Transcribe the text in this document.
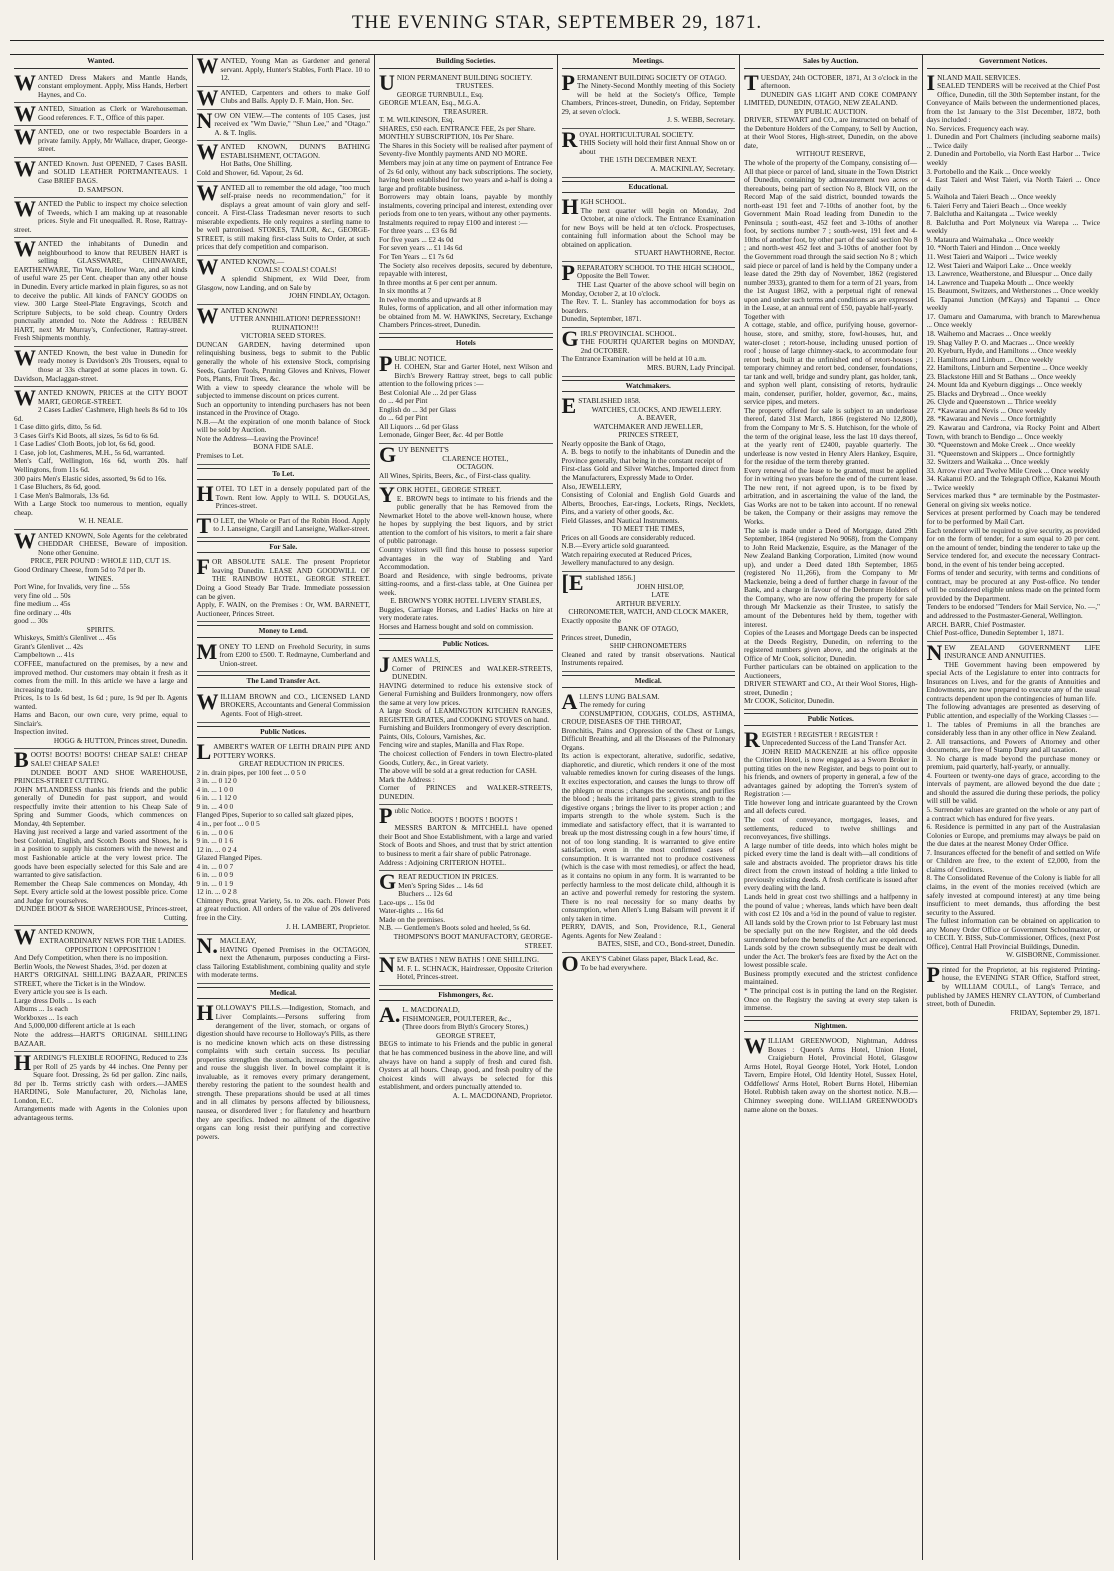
THE EVENING STAR, SEPTEMBER 29, 1871.
Wanted.

WANTED Dress Makers and Mantle Hands, constant employment. Apply, Miss Hands, Herbert Haynes, and Co.

WANTED, Situation as Clerk or Warehouseman. Good references. F. T., Office of this paper.

WANTED, one or two respectable Boarders in a private family. Apply, Mr Wallace, draper, George-street.

WANTED Known. Just OPENED, 7 Cases BASIL and SOLID LEATHER PORTMANTEAUS. 1 Case BRIEF BAGS.

D. SAMPSON.

WANTED the Public to inspect my choice selection of Tweeds, which I am making up at reasonable prices. Style and Fit unequalled. R. Rose, Rattray-street.

WANTED the inhabitants of Dunedin and neighbourhood to know that REUBEN HART is selling GLASSWARE, CHINAWARE, EARTHENWARE, Tin Ware, Hollow Ware, and all kinds of useful ware 25 per Cent. cheaper than any other house in Dunedin. Every article marked in plain figures, so as not to deceive the public. All kinds of FANCY GOODS on view. 300 Large Steel-Plate Engravings, Scotch and Scripture Subjects, to be sold cheap. Country Orders punctually attended to. Note the Address : REUBEN HART, next Mr Murray's, Confectioner, Rattray-street. Fresh Shipments monthly.

WANTED Known, the best value in Dunedin for ready money is Davidson's 20s Trousers, equal to those at 33s charged at some places in town. G. Davidson, Maclaggan-street.

WANTED KNOWN, PRICES at the CITY BOOT MART, GEORGE-STREET.

2 Cases Ladies' Cashmere, High heels 8s 6d to 10s 6d.

1 Case ditto girls, ditto, 5s 6d.

3 Cases Girl's Kid Boots, all sizes, 5s 6d to 6s 6d.

1 Case Ladies' Cloth Boots, job lot, 6s 6d, good.

1 Case, job lot, Cashmeres, M.H., 5s 6d, warranted.

Men's Calf, Wellington, 16s 6d, worth 20s. half Wellingtons, from 11s 6d.

300 pairs Men's Elastic sides, assorted, 9s 6d to 16s.

1 Case Bluchers, 8s 6d, good.

1 Case Men's Balmorals, 13s 6d.

With a Large Stock too numerous to mention, equally cheap.

W. H. NEALE.

WANTED KNOWN, Sole Agents for the celebrated CHEDDAR CHEESE, Beware of imposition. None other Genuine.

PRICE, PER POUND : WHOLE 11D, CUT 1S.

Good Ordinary Cheese, from 5d to 7d per lb.

WINES.

Port Wine, for Invalids, very fine ... 55s

very fine old ... 50s

fine medium ... 45s

fine ordinary ... 40s

good ... 30s

SPIRITS.

Whiskeys, Smith's Glenlivet ... 45s

Grant's Glenlivet ... 42s

Campbeltown ... 41s

COFFEE, manufactured on the premises, by a new and improved method. Our customers may obtain it fresh as it comes from the mill. In this article we have a large and increasing trade.

Prices, 1s to 1s 6d best, 1s 6d ; pure, 1s 9d per lb. Agents wanted.

Hams and Bacon, our own cure, very prime, equal to Sinclair's.

Inspection invited.

HOGG & HUTTON, Princes street, Dunedin.

BOOTS! BOOTS! BOOTS! CHEAP SALE! CHEAP SALE! CHEAP SALE!

DUNDEE BOOT AND SHOE WAREHOUSE, PRINCES-STREET CUTTING.

JOHN M'LANDRESS thanks his friends and the public generally of Dunedin for past support, and would respectfully invite their attention to his Cheap Sale of Spring and Summer Goods, which commences on Monday, 4th September.

Having just received a large and varied assortment of the best Colonial, English, and Scotch Boots and Shoes, he is in a position to supply his customers with the newest and most Fashionable article at the very lowest price. The goods have been especially selected for this Sale and are warranted to give satisfaction.

Remember the Cheap Sale commences on Monday, 4th Sept. Every article sold at the lowest possible price. Come and Judge for yourselves.

DUNDEE BOOT & SHOE WAREHOUSE, Princes-street, Cutting.

WANTED KNOWN,

EXTRAORDINARY NEWS FOR THE LADIES.

OPPOSITION ! OPPOSITION !

And Defy Competition, when there is no imposition.

Berlin Wools, the Newest Shades, 3½d. per dozen at

HART'S ORIGINAL SHILLING BAZAAR, PRINCES STREET, where the Ticket is in the Window.

Every article you see is 1s each.

Large dress Dolls ... 1s each

Albums ... 1s each

Workboxes ... 1s each

And 5,000,000 different article at 1s each

Note the address—HART'S ORIGINAL SHILLING BAZAAR.

HARDING'S FLEXIBLE ROOFING, Reduced to 23s per Roll of 25 yards by 44 inches. One Penny per Square foot. Dressing, 2s 6d per gallon. Zinc nails, 8d per lb. Terms strictly cash with orders.—JAMES HARDING, Sole Manufacturer, 20, Nicholas lane, London, E.C.

Arrangements made with Agents in the Colonies upon advantageous terms.

WANTED, Young Man as Gardener and general servant. Apply, Hunter's Stables, Forth Place. 10 to 12.

WANTED, Carpenters and others to make Golf Clubs and Balls. Apply D. F. Main, Hon. Sec.

NOW ON VIEW.—The contents of 105 Cases, just received ex "Wm Davie," "Shun Lee," and "Otago." A. & T. Inglis.

WANTED KNOWN, DUNN'S BATHING ESTABLISHMENT, OCTAGON.

Hot Baths, One Shilling.

Cold and Shower, 6d. Vapour, 2s 6d.

WANTED all to remember the old adage, "too much self-praise needs no recommendation," for it displays a great amount of vain glory and self-conceit. A First-Class Tradesman never resorts to such miserable expedients. He only requires a sterling name to be well patronised. STOKES, TAILOR, &c., GEORGE-STREET, is still making first-class Suits to Order, at such prices that defy competition and comparison.

WANTED KNOWN.—

COALS! COALS! COALS!

A splendid Shipment, ex Wild Deer, from Glasgow, now Landing, and on Sale by

JOHN FINDLAY, Octagon.

WANTED KNOWN!

UTTER ANNIHILATION! DEPRESSION!! RUINATION!!!

VICTORIA SEED STORES.

DUNCAN GARDEN, having determined upon relinquishing business, begs to submit to the Public generally the whole of his extensive Stock, comprising Seeds, Garden Tools, Pruning Gloves and Knives, Flower Pots, Plants, Fruit Trees, &c.

With a view to speedy clearance the whole will be subjected to immense discount on prices current.

Such an opportunity to intending purchasers has not been instanced in the Province of Otago.

N.B.—At the expiration of one month balance of Stock will be sold by Auction.

Note the Address—Leaving the Province!

BONA FIDE SALE.

Premises to Let.

To Let.

HOTEL TO LET in a densely populated part of the Town. Rent low. Apply to WILL S. DOUGLAS, Princes-street.

TO LET, the Whole or Part of the Robin Hood. Apply to J. Lanseigne, Cargill and Lanseigne, Walker-street.

For Sale.

FOR ABSOLUTE SALE. The present Proprietor leaving Dunedin. LEASE AND GOODWILL OF THE RAINBOW HOTEL, GEORGE STREET. Doing a Good Steady Bar Trade. Immediate possession can be given.

Apply, F. WAIN, on the Premises : Or, WM. BARNETT, Auctioneer, Princes Street.

Money to Lend.

MONEY TO LEND on Freehold Security, in sums from £200 to £500. T. Redmayne, Cumberland and Union-street.

The Land Transfer Act.

WILLIAM BROWN and CO., LICENSED LAND BROKERS, Accountants and General Commission Agents. Foot of High-street.

Public Notices.

LAMBERT'S WATER OF LEITH DRAIN PIPE AND POTTERY WORKS.

GREAT REDUCTION IN PRICES.

2 in. drain pipes, per 100 feet ... 0 5 0

3 in. ... 0 12 0

4 in. ... 1 0 0

6 in. ... 1 12 0

9 in. ... 4 0 0

Flanged Pipes, Superior to so called salt glazed pipes,

4 in., per foot ... 0 0 5

6 in. ... 0 0 6

9 in. ... 0 1 6

12 in. ... 0 2 4

Glazed Flanged Pipes.

4 in. ... 0 0 7

6 in. ... 0 0 9

9 in. ... 0 1 9

12 in. ... 0 2 8

Chimney Pots, great Variety, 5s. to 20s. each. Flower Pots at great reduction. All orders of the value of 20s delivered free in the City.

J. H. LAMBERT, Proprietor.

N.MACLEAY,

HAVING Opened Premises in the OCTAGON, next the Athenæum, purposes conducting a First-class Tailoring Establishment, combining quality and style with moderate terms.

Medical.

HOLLOWAY'S PILLS.—Indigestion, Stomach, and Liver Complaints.—Persons suffering from derangement of the liver, stomach, or organs of digestion should have recourse to Holloway's Pills, as there is no medicine known which acts on these distressing complaints with such certain success. Its peculiar properties strengthen the stomach, increase the appetite, and rouse the sluggish liver. In bowel complaint it is invaluable, as it removes every primary derangement, thereby restoring the patient to the soundest health and strength. These preparations should be used at all times and in all climates by persons affected by biliousness, nausea, or disordered liver ; for flatulency and heartburn they are specifics. Indeed no ailment of the digestive organs can long resist their purifying and corrective powers.

Building Societies.

UNION PERMANENT BUILDING SOCIETY.

TRUSTEES.

GEORGE TURNBULL, Esq.

GEORGE M'LEAN, Esq., M.G.A.

TREASURER.

T. M. WILKINSON, Esq.

SHARES, £50 each. ENTRANCE FEE, 2s per Share.

MONTHLY SUBSCRIPTION, 10s Per Share.

The Shares in this Society will be realised after payment of Seventy-five Monthly payments AND NO MORE.

Members may join at any time on payment of Entrance Fee of 2s 6d only, without any back subscriptions. The society, having been established for two years and a-half is doing a large and profitable business.

Borrowers may obtain loans, payable by monthly instalments, covering principal and interest, extending over periods from one to ten years, without any other payments.

Instalments required to repay £100 and interest :—

For three years ... £3 6s 8d

For five years ... £2 4s 0d

For seven years ... £1 14s 6d

For Ten Years ... £1 7s 6d

The Society also receives deposits, secured by debenture, repayable with interest,

In three months at 6 per cent per annum.

In six months at 7

In twelve months and upwards at 8

Rules, forms of application, and all other information may be obtained from M. W. HAWKINS, Secretary, Exchange Chambers Princes-street, Dunedin.

Hotels

PUBLIC NOTICE.

H. COHEN, Star and Garter Hotel, next Wilson and Birch's Brewery Rattray street, begs to call public attention to the following prices :—

Best Colonial Ale ... 2d per Glass

do ... 4d per Pint

English do ... 3d per Glass

do ... 6d per Pint

All Liquors ... 6d per Glass

Lemonade, Ginger Beer, &c. 4d per Bottle

GUY BENNETT'S

CLARENCE HOTEL,

OCTAGON.

All Wines, Spirits, Beers, &c., of First-class quality.

YORK HOTEL, GEORGE STREET.

E. BROWN begs to intimate to his friends and the public generally that he has Removed from the Newmarket Hotel to the above well-known house, where he hopes by supplying the best liquors, and by strict attention to the comfort of his visitors, to merit a fair share of public patronage.

Country visitors will find this house to possess superior advantages in the way of Stabling and Yard Accommodation.

Board and Residence, with single bedrooms, private sitting-rooms, and a first-class table, at One Guinea per week.

E. BROWN'S YORK HOTEL LIVERY STABLES,

Buggies, Carriage Horses, and Ladies' Hacks on hire at very moderate rates.

Horses and Harness bought and sold on commission.

Public Notices.

JAMES WALLS,

Corner of PRINCES and WALKER-STREETS, DUNEDIN.

HAVING determined to reduce his extensive stock of General Furnishing and Builders Ironmongery, now offers the same at very low prices.

A large Stock of LEAMINGTON KITCHEN RANGES, REGISTER GRATES, and COOKING STOVES on hand.

Furnishing and Builders Ironmongery of every description.

Paints, Oils, Colours, Varnishes, &c.

Fencing wire and staples, Manilla and Flax Rope.

The choicest collection of Fenders in town Electro-plated Goods, Cutlery, &c., in Great variety.

The above will be sold at a great reduction for CASH.

Mark the Address :

Corner of PRINCES and WALKER-STREETS, DUNEDIN.

Public Notice.

BOOTS ! BOOTS ! BOOTS !

MESSRS BARTON & MITCHELL have opened their Boot and Shoe Establishment, with a large and varied Stock of Boots and Shoes, and trust that by strict attention to business to merit a fair share of public Patronage.

Address : Adjoining CRITERION HOTEL.

GREAT REDUCTION IN PRICES.

Men's Spring Sides ... 14s 6d

Bluchers ... 12s 6d

Lace-ups ... 15s 0d

Water-tights ... 16s 6d

Made on the premises.

N.B. — Gentlemen's Boots soled and heeled, 5s 6d.

THOMPSON'S BOOT MANUFACTORY, GEORGE-STREET.

NEW BATHS ! NEW BATHS ! ONE SHILLING.

M. F. L. SCHNACK, Hairdresser, Opposite Criterion Hotel, Princes-street.

Fishmongers, &c.

A.L. MACDONALD,

FISHMONGER, POULTERER, &c.,

(Three doors from Blyth's Grocery Stores,)

GEORGE STREET,

BEGS to intimate to his Friends and the public in general that he has commenced business in the above line, and will always have on hand a supply of fresh and cured fish. Oysters at all hours. Cheap, good, and fresh poultry of the choicest kinds will always be selected for this establishment, and orders punctually attended to.

A. L. MACDONAND, Proprietor.

Meetings.

PERMANENT BUILDING SOCIETY OF OTAGO.

The Ninety-Second Monthly meeting of this Society will be held at the Society's Office, Temple Chambers, Princes-street, Dunedin, on Friday, September 29, at seven o'clock.

J. S. WEBB, Secretary.

ROYAL HORTICULTURAL SOCIETY.

THIS Society will hold their first Annual Show on or about

THE 15TH DECEMBER NEXT.

A. MACKINLAY, Secretary.

Educational.

HIGH SCHOOL.

The next quarter will begin on Monday, 2nd October, at nine o'clock. The Entrance Examination for new Boys will be held at ten o'clock. Prospectuses, containing full information about the School may be obtained on application.

STUART HAWTHORNE, Rector.

PREPARATORY SCHOOL TO THE HIGH SCHOOL,

Opposite the Bell Tower.

THE Last Quarter of the above school will begin on Monday, October 2, at 10 o'clock.

The Rev. T. L. Stanley has accommodation for boys as boarders.

Dunedin, September, 1871.

GIRLS' PROVINCIAL SCHOOL.

THE FOURTH QUARTER begins on MONDAY, 2nd OCTOBER.

The Entrance Examination will be held at 10 a.m.

MRS. BURN, Lady Principal.

Watchmakers.

ESTABLISHED 1858.

WATCHES, CLOCKS, AND JEWELLERY.

A. BEAVER,

WATCHMAKER AND JEWELLER,

PRINCES STREET,

Nearly opposite the Bank of Otago,

A. B. begs to notify to the inhabitants of Dunedin and the Province generally, that being in the constant receipt of

First-class Gold and Silver Watches, Imported direct from the Manufacturers, Expressly Made to Order.

Also, JEWELLERY,

Consisting of Colonial and English Gold Guards and Alberts, Brooches, Ear-rings, Lockets, Rings, Necklets, Pins, and a variety of other goods, &c.

Field Glasses, and Nautical Instruments.

TO MEET THE TIMES,

Prices on all Goods are considerably reduced.

N.B.—Every article sold guaranteed.

Watch repairing executed at Reduced Prices,

Jewellery manufactured to any design.

[Established 1856.]

JOHN HISLOP,

LATE

ARTHUR BEVERLY.

CHRONOMETER, WATCH, AND CLOCK MAKER,

Exactly opposite the

BANK OF OTAGO,

Princes street, Dunedin,

SHIP CHRONOMETERS

Cleaned and rated by transit observations. Nautical Instruments repaired.

Medical.

ALLEN'S LUNG BALSAM.

The remedy for curing

CONSUMPTION, COUGHS, COLDS, ASTHMA, CROUP, DISEASES OF THE THROAT,

Bronchitis, Pains and Oppression of the Chest or Lungs, Difficult Breathing, and all the Diseases of the Pulmonary Organs.

Its action is expectorant, alterative, sudorific, sedative, diaphoretic, and diuretic, which renders it one of the most valuable remedies known for curing diseases of the lungs. It excites expectoration, and causes the lungs to throw off the phlegm or mucus ; changes the secretions, and purifies the blood ; heals the irritated parts ; gives strength to the digestive organs ; brings the liver to its proper action ; and imparts strength to the whole system. Such is the immediate and satisfactory effect, that it is warranted to break up the most distressing cough in a few hours' time, if not of too long standing. It is warranted to give entire satisfaction, even in the most confirmed cases of consumption. It is warranted not to produce costiveness (which is the case with most remedies), or affect the head, as it contains no opium in any form. It is warranted to be perfectly harmless to the most delicate child, although it is an active and powerful remedy for restoring the system. There is no real necessity for so many deaths by consumption, when Allen's Lung Balsam will prevent it if only taken in time.

PERRY, DAVIS, and Son, Providence, R.I., General Agents. Agents for New Zealand :

BATES, SISE, and CO., Bond-street, Dunedin.

OAKEY'S Cabinet Glass paper, Black Lead, &c.

To be had everywhere.

Sales by Auction.

TUESDAY, 24th OCTOBER, 1871, At 3 o'clock in the afternoon.

DUNEDIN GAS LIGHT AND COKE COMPANY LIMITED, DUNEDIN, OTAGO, NEW ZEALAND.

BY PUBLIC AUCTION.

DRIVER, STEWART and CO., are instructed on behalf of the Debenture Holders of the Company, to Sell by Auction, at their Wool Stores, High-street, Dunedin, on the above date,

WITHOUT RESERVE,

The whole of the property of the Company, consisting of—

All that piece or parcel of land, situate in the Town District of Dunedin, containing by admeasurement two acres or thereabouts, being part of section No 8, Block VII, on the Record Map of the said district, bounded towards the north-east 191 feet and 7-10ths of another foot, by the Government Main Road leading from Dunedin to the Peninsula ; south-east, 452 feet and 3-10ths of another foot, by sections number 7 ; south-west, 191 feet and 4-10ths of another foot, by other part of the said section No 8 ; and north-west 452 feet and 3-10ths of another foot by the Government road through the said section No 8 ; which said piece or parcel of land is held by the Company under a lease dated the 29th day of November, 1862 (registered number 3933), granted to them for a term of 21 years, from the 1st August 1862, with a perpetual right of renewal upon and under such terms and conditions as are expressed in the Lease, at an annual rent of £50, payable half-yearly.

Together with

A cottage, stable, and office, purifying house, governor-house, store, and smithy, store, fowl-houses, hut, and water-closet ; retort-house, including unused portion of roof ; house of large chimney-stack, to accommodate four retort beds, built at the unfinished end of retort-houses ; temporary chimney and retort bed, condenser, foundations, tar tank and well, bridge and sundry plant, gas holder, tank, and syphon well plant, consisting of retorts, hydraulic main, condenser, purifier, holder, governor, &c., mains, service pipes, and meters.

The property offered for sale is subject to an underlease thereof, dated 31st March, 1866 (registered No 12,800), from the Company to Mr S. S. Hutchison, for the whole of the term of the original lease, less the last 10 days thereof, at the yearly rent of £2400, payable quarterly. The underlease is now vested in Henry Alers Hankey, Esquire, for the residue of the term thereby granted.

Every renewal of the lease to be granted, must be applied for in writing two years before the end of the current lease. The new rent, if not agreed upon, is to be fixed by arbitration, and in ascertaining the value of the land, the Gas Works are not to be taken into account. If no renewal be taken, the Company or their assigns may remove the Works.

The sale is made under a Deed of Mortgage, dated 29th September, 1864 (registered No 9068), from the Company to John Reid Mackenzie, Esquire, as the Manager of the New Zealand Banking Corporation, Limited (now wound up), and under a Deed dated 18th September, 1865 (registered No 11,266), from the Company to Mr Mackenzie, being a deed of further charge in favour of the Bank, and a charge in favour of the Debenture Holders of the Company, who are now offering the property for sale through Mr Mackenzie as their Trustee, to satisfy the amount of the Debentures held by them, together with interest.

Copies of the Leases and Mortgage Deeds can be inspected at the Deeds Registry, Dunedin, on referring to the registered numbers given above, and the originals at the Office of Mr Cook, solicitor, Dunedin.

Further particulars can be obtained on application to the Auctioneers,

DRIVER STEWART and CO., At their Wool Stores, High-street, Dunedin ;

Mr COOK, Solicitor, Dunedin.

Public Notices.

REGISTER ! REGISTER ! REGISTER !

Unprecedented Success of the Land Transfer Act.

JOHN REID MACKENZIE at his office opposite the Criterion Hotel, is now engaged as a Sworn Broker in putting titles on the new Register, and begs to point out to his friends, and owners of property in general, a few of the advantages gained by adopting the Torren's system of Registration :—

Title however long and intricate guaranteed by the Crown and all defects cured.

The cost of conveyance, mortgages, leases, and settlements, reduced to twelve shillings and reconveyances, five shillings.

A large number of title deeds, into which holes might be picked every time the land is dealt with—all conditions of sale and abstracts avoided. The proprietor draws his title direct from the crown instead of holding a title linked to previously existing deeds. A fresh certificate is issued after every dealing with the land.

Lands held in great cost two shillings and a halfpenny in the pound of value ; whereas, lands which have been dealt with cost £2 10s and a ½d in the pound of value to register.

All lands sold by the Crown prior to 1st February last must be specially put on the new Register, and the old deeds surrendered before the benefits of the Act are experienced. Lands sold by the crown subsequently must be dealt with under the Act. The broker's fees are fixed by the Act on the lowest possible scale.

Business promptly executed and the strictest confidence maintained.

* The principal cost is in putting the land on the Register. Once on the Registry the saving at every step taken is immense.

Nightmen.

WILLIAM GREENWOOD, Nightman, Address Boxes : Queen's Arms Hotel, Union Hotel, Craigieburn Hotel, Provincial Hotel, Glasgow Arms Hotel, Royal George Hotel, York Hotel, London Tavern, Empire Hotel, Old Identity Hotel, Sussex Hotel, Oddfellows' Arms Hotel, Robert Burns Hotel, Hibernian Hotel. Rubbish taken away on the shortest notice. N.B.—Chimney sweeping done. WILLIAM GREENWOOD's name alone on the boxes.

Government Notices.

INLAND MAIL SERVICES.

SEALED TENDERS will be received at the Chief Post Office, Dunedin, till the 30th September instant, for the Conveyance of Mails between the undermentioned places, from the 1st January to the 31st December, 1872, both days included :

No. Services. Frequency each way.

1. Dunedin and Port Chalmers (including seaborne mails) ... Twice daily

2. Dunedin and Portobello, via North East Harbor ... Twice weekly

3. Portobello and the Kaik ... Once weekly

4. East Taieri and West Taieri, via North Taieri ... Once daily

5. Waihola and Taieri Beach ... Once weekly

6. Taieri Ferry and Taieri Beach ... Once weekly

7. Balclutha and Kaitangata ... Twice weekly

8. Balclutha and Port Molyneux via Warepa ... Twice weekly

9. Mataura and Waimahaka ... Once weekly

10. *North Taieri and Hindon ... Once weekly

11. West Taieri and Waipori ... Twice weekly

12. West Taieri and Waipori Lake ... Once weekly

13. Lawrence, Weatherstone, and Bluespur ... Once daily

14. Lawrence and Tuapeka Mouth ... Once weekly

15. Beaumont, Switzers, and Wetherstones ... Once weekly

16. Tapanui Junction (M'Kays) and Tapanui ... Once weekly

17. Oamaru and Oamaruma, with branch to Marewhenua ... Once weekly

18. Waihemo and Macraes ... Once weekly

19. Shag Valley P. O. and Macraes ... Once weekly

20. Kyeburn, Hyde, and Hamiltons ... Once weekly

21. Hamiltons and Linburn ... Once weekly

22. Hamiltons, Linburn and Serpentine ... Once weekly

23. Blackstone Hill and St Bathans ... Once weekly

24. Mount Ida and Kyeburn diggings ... Once weekly

25. Blacks and Drybread ... Once weekly

26. Clyde and Queenstown ... Thrice weekly

27. *Kawarau and Nevis ... Once weekly

28. *Kawarau and Nevis ... Once fortnightly

29. Kawarau and Cardrona, via Rocky Point and Albert Town, with branch to Bendigo ... Once weekly

30. *Queenstown and Moke Creek ... Once weekly

31. *Queenstown and Skippers ... Once fortnightly

32. Switzers and Waikaka ... Once weekly

33. Arrow river and Twelve Mile Creek ... Once weekly

34. Kakanui P.O. and the Telegraph Office, Kakanui Mouth ... Twice weekly

Services marked thus * are terminable by the Postmaster-General on giving six weeks notice.

Services at present performed by Coach may be tendered for to be performed by Mail Cart.

Each tenderer will be required to give security, as provided for on the form of tender, for a sum equal to 20 per cent. on the amount of tender, binding the tenderer to take up the Service tendered for, and execute the necessary Contract-bond, in the event of his tender being accepted.

Forms of tender and security, with terms and conditions of contract, may be procured at any Post-office. No tender will be considered eligible unless made on the printed form provided by the Department.

Tenders to be endorsed "Tenders for Mail Service, No. —," and addressed to the Postmaster-General, Wellington.

ARCH. BARR, Chief Postmaster.

Chief Post-office, Dunedin September 1, 1871.

NEW ZEALAND GOVERNMENT LIFE INSURANCE AND ANNUITIES.

THE Government having been empowered by special Acts of the Legislature to enter into contracts for Insurances on Lives, and for the grants of Annuities and Endowments, are now prepared to execute any of the usual contracts dependent upon the contingencies of human life.

The following advantages are presented as deserving of Public attention, and especially of the Working Classes :—

1. The tables of Premiums in all the branches are considerably less than in any other office in New Zealand.

2. All transactions, and Powers of Attorney and other documents, are free of Stamp Duty and all taxation.

3. No charge is made beyond the purchase money or premium, paid quarterly, half-yearly, or annually.

4. Fourteen or twenty-one days of grace, according to the intervals of payment, are allowed beyond the due date ; and should the assured die during these periods, the policy will still be valid.

5. Surrender values are granted on the whole or any part of a contract which has endured for five years.

6. Residence is permitted in any part of the Australasian Colonies or Europe, and premiums may always be paid on the due dates at the nearest Money Order Office.

7. Insurances effected for the benefit of and settled on Wife or Children are free, to the extent of £2,000, from the claims of Creditors.

8. The Consolidated Revenue of the Colony is liable for all claims, in the event of the monies received (which are safely invested at compound interest) at any time being insufficient to meet demands, thus affording the best security to the Assured.

The fullest information can be obtained on application to any Money Order Office or Government Schoolmaster, or to CECIL Y. BISS, Sub-Commissioner, Offices, (next Post Office), Central Hall Provincial Buildings, Dunedin.

W. GISBORNE, Commissioner.

Printed for the Proprietor, at his registered Printing-house, the EVENING STAR Office, Stafford street, by WILLIAM COULL, of Lang's Terrace, and published by JAMES HENRY CLAYTON, of Cumberland street, both of Dunedin.

FRIDAY, September 29, 1871.
